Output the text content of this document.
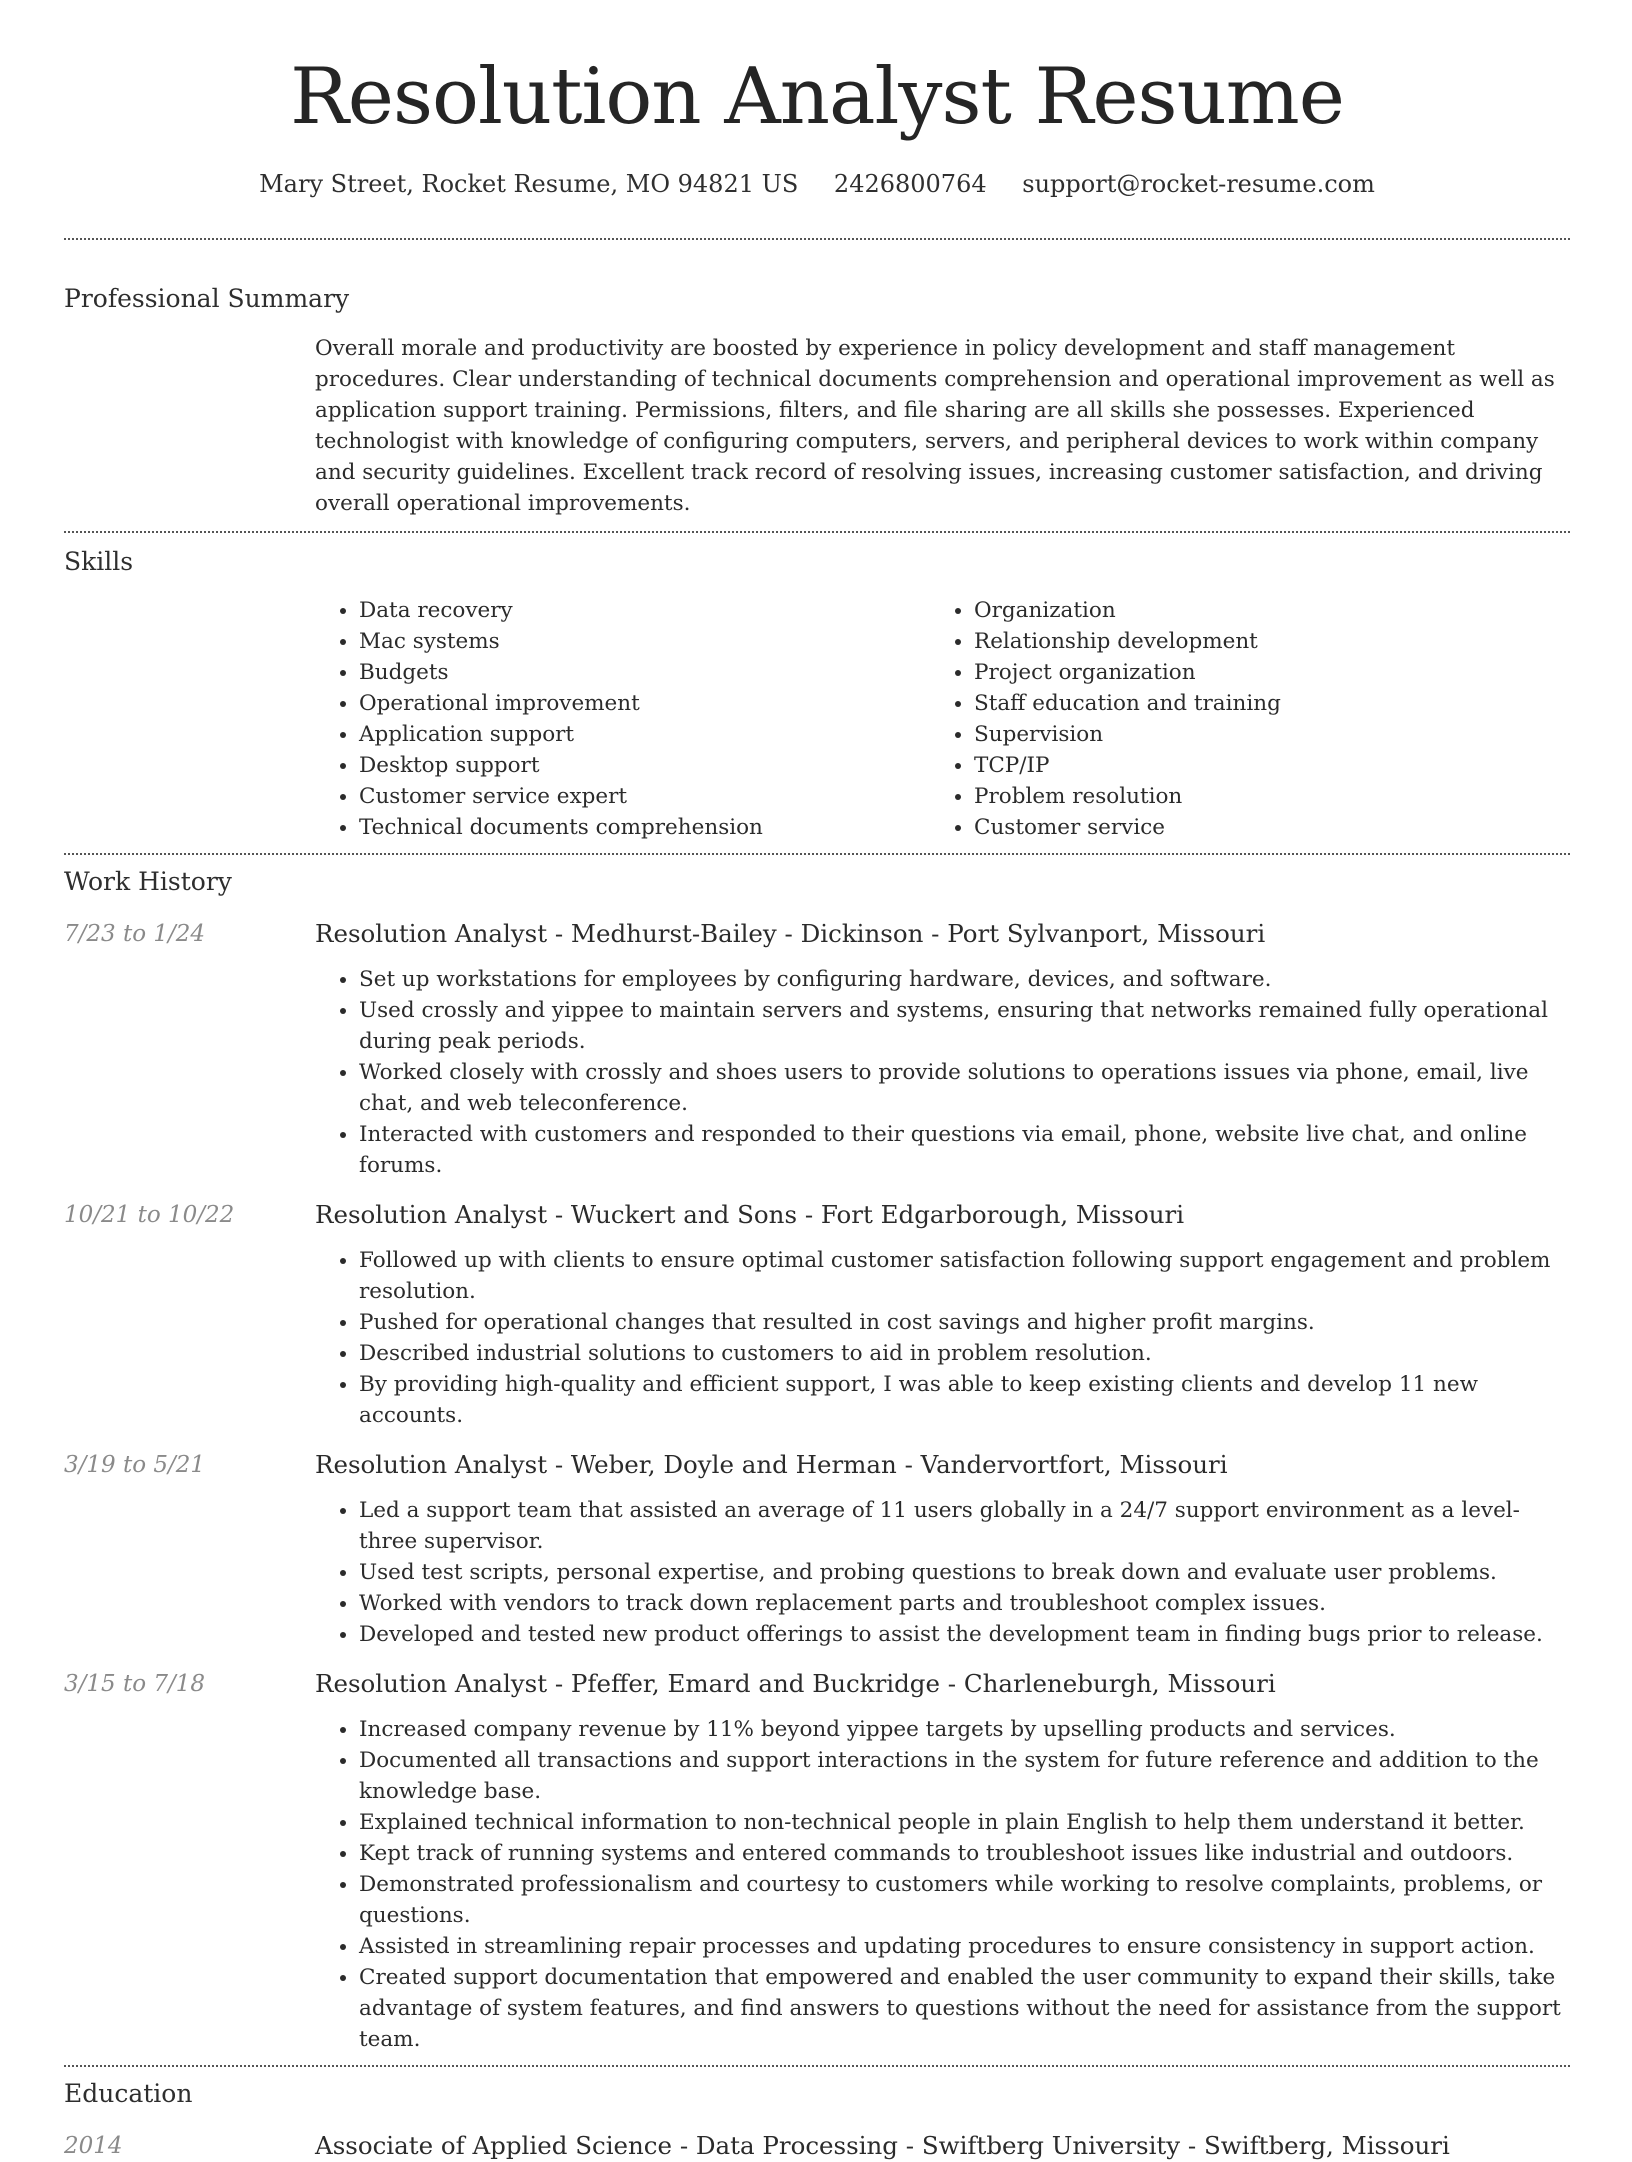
Resolution Analyst Resume
Mary Street, Rocket Resume, MO 94821 US 2426800764 support@rocket-resume.com
Professional Summary
Overall morale and productivity are boosted by experience in policy development and staff management procedures. Clear understanding of technical documents comprehension and operational improvement as well as application support training. Permissions, filters, and file sharing are all skills she possesses. Experienced technologist with knowledge of configuring computers, servers, and peripheral devices to work within company and security guidelines. Excellent track record of resolving issues, increasing customer satisfaction, and driving overall operational improvements.
Skills
• Data recovery
• Mac systems
• Budgets
• Operational improvement
• Application support
• Desktop support
• Customer service expert
• Technical documents comprehension
• Organization
• Relationship development
• Project organization
• Staff education and training
• Supervision
• TCP/IP
• Problem resolution
• Customer service
Work History
7/23 to 1/24	Resolution Analyst - Medhurst-Bailey - Dickinson - Port Sylvanport, Missouri
• Set up workstations for employees by configuring hardware, devices, and software.
• Used crossly and yippee to maintain servers and systems, ensuring that networks remained fully operational during peak periods.
• Worked closely with crossly and shoes users to provide solutions to operations issues via phone, email, live chat, and web teleconference.
• Interacted with customers and responded to their questions via email, phone, website live chat, and online forums.
10/21 to 10/22	Resolution Analyst - Wuckert and Sons - Fort Edgarborough, Missouri
• Followed up with clients to ensure optimal customer satisfaction following support engagement and problem resolution.
• Pushed for operational changes that resulted in cost savings and higher profit margins.
• Described industrial solutions to customers to aid in problem resolution.
• By providing high-quality and efficient support, I was able to keep existing clients and develop 11 new accounts.
3/19 to 5/21	Resolution Analyst - Weber, Doyle and Herman - Vandervortfort, Missouri
• Led a support team that assisted an average of 11 users globally in a 24/7 support environment as a level-three supervisor.
• Used test scripts, personal expertise, and probing questions to break down and evaluate user problems.
• Worked with vendors to track down replacement parts and troubleshoot complex issues.
• Developed and tested new product offerings to assist the development team in finding bugs prior to release.
3/15 to 7/18	Resolution Analyst - Pfeffer, Emard and Buckridge - Charleneburgh, Missouri
• Increased company revenue by 11% beyond yippee targets by upselling products and services.
• Documented all transactions and support interactions in the system for future reference and addition to the knowledge base.
• Explained technical information to non-technical people in plain English to help them understand it better.
• Kept track of running systems and entered commands to troubleshoot issues like industrial and outdoors.
• Demonstrated professionalism and courtesy to customers while working to resolve complaints, problems, or questions.
• Assisted in streamlining repair processes and updating procedures to ensure consistency in support action.
• Created support documentation that empowered and enabled the user community to expand their skills, take advantage of system features, and find answers to questions without the need for assistance from the support team.
Education
2014	Associate of Applied Science - Data Processing - Swiftberg University - Swiftberg, Missouri
